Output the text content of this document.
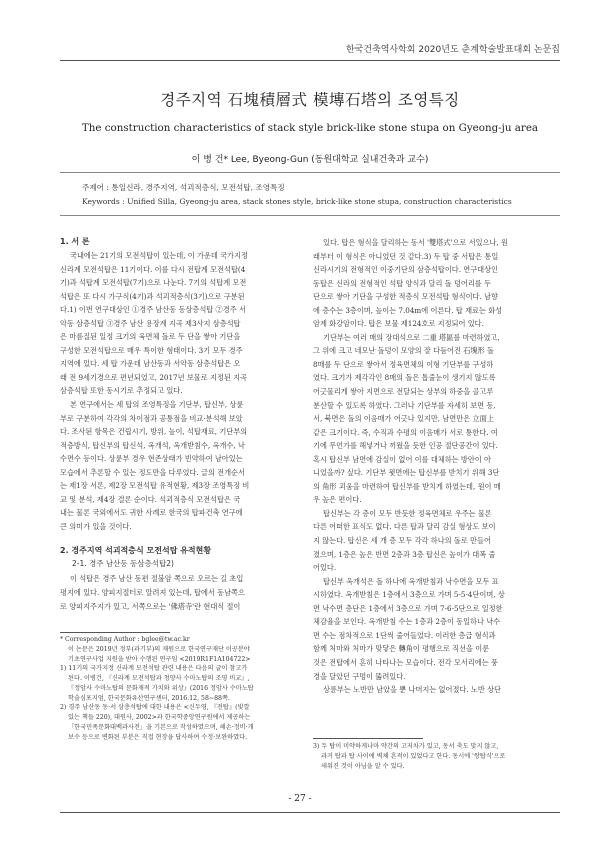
한국건축역사학회 2020년도 춘계학술발표대회 논문집
경주지역 石塊積層式 模塼石塔의 조영특징
The construction characteristics of stack style brick-like stone stupa on Gyeong-ju area
이 병 건* Lee, Byeong-Gun (동원대학교 실내건축과 교수)
주제어 : 통일신라, 경주지역, 석괴적층식, 모전석탑, 조영특징
Keywords : Unified Silla, Gyeong-ju area, stack stones style, brick-like stone stupa, construction characteristics
1. 서 론
국내에는 21기의 모전석탑이 있는데, 이 가운데 국가지정
신라계 모전석탑은 11기이다. 이를 다시 전탑계 모전석탑(4
기)과 석탑계 모전석탑(7기)으로 나눈다. 7기의 석탑계 모전
석탑은 또 다시 가구식(4기)과 석괴적층식(3기)으로 구분된
다.1) 이번 연구대상인 ①경주 남산동 동삼층석탑 ②경주 서
악동 삼층석탑 ③경주 남산 용장계 지곡 제3사지 삼층석탑
은 마름질된 일정 크기의 육면체 돌로 두 단을 쌓아 기단을
구성한 모전석탑으로 매우 특이한 형태이다. 3기 모두 경주
지역에 있다. 세 탑 가운데 남산동과 서악동 삼층석탑은 오
래 전 9세기경으로 편년되었고, 2017년 보물로 지정된 지곡
삼층석탑 또한 동시기로 추정되고 있다.
본 연구에서는 세 탑의 조영특징을 기단부, 탑신부, 상륜
부로 구분하여 각각의 차이점과 공통점을 비교·분석해 보았
다. 조사된 항목은 건립시기, 방위, 높이, 석탑재료, 기단부의
적층방식, 탑신부의 탑신석, 옥개석, 옥개받침수, 옥개수, 낙
수면수 등이다. 상륜부 경우 현존상태가 빈약하여 남아있는
모습에서 추론할 수 있는 정도만을 다루었다. 글의 전개순서
는 제1장 서론, 제2장 모전석탑 유적현황, 제3장 조영특징 비
교 및 분석, 제4장 결론 순이다. 석괴적층식 모전석탑은 국
내는 물론 국외에서도 귀한 사례로 한국의 탑파건축 연구에
큰 의미가 있을 것이다.
2. 경주지역 석괴적층식 모전석탑 유적현황
2-1. 경주 남산동 동삼층석탑2)
이 석탑은 경주 남산 동편 절불암 쪽으로 오르는 길 초입
평지에 있다. 양피지절터로 알려져 있는데, 탑에서 동남쪽으
로 양피지주지가 있고, 서쪽으로는 '佛塔寺'란 현대식 절이
* Corresponding Author : bglee@tw.ac.kr
이 논문은 2019년 정부(과기부)의 재원으로 한국연구재단 이공분야
기초연구사업 지원을 받아 수행된 연구임 <2019R1F1A104722>
1) 11기의 국가지정 신라계 모전석탑 관련 내용은 다음의 글이 참고가
된다. 이병건, 『신라계 모전석탑과 청양사 수마노탑의 조영 비교』,
『정암사 수마노탑의 문화재적 가치와 위상』(2016 정암사 수마노탑
학술심포지엄, 한국문화유산연구센터, 2016.12, 58~88쪽.
2) 경주 남산동 동·서 삼층석탑에 대한 내용은 <신두영, 『전탑』(빛깔
있는 책들 220), 대원사, 2002>과 한국학중앙연구원에서 제공하는
「한국민족문화대백과사전」을 기본으로 작성하였으며, 해손·정비·개
보수 등으로 변화된 부분은 직접 현장을 답사하여 수정·보완하였다.
있다. 탑은 형식을 달리하는 동서 '雙塔式'으로 서있으나, 원
래부터 이 형식은 아니었던 것 같다.3) 두 탑 중 서탑은 통일
신라시기의 전형적인 이중기단의 삼층석탑이다. 연구대상인
동탑은 신라의 전형적인 석탑 양식과 달리 돌 덩어리를 두
단으로 쌓아 기단을 구성한 적층식 모전석탑 형식이다. 남향
에 층수는 3층이며, 높이는 7.04m에 이른다. 탑 재료는 화성
암계 화강암이다. 탑은 보물 제124호로 지정되어 있다.
기단부는 여러 매의 장대석으로 二重 塔區를 마련하였고,
그 위에 크고 네모난 돌덩이 모양의 잘 다듬어진 石塊形 돌
8매를 두 단으로 쌓아서 정육면체의 이형 기단부를 구성하
였다. 크기가 제각각인 8매의 돌은 톱줄눈이 생기지 않도록
어긋물리게 쌓아 지면으로 전달되는 상부의 하중을 골고루
분산할 수 있도록 하였다. 그러나 기단부를 자세히 보면 동,
서, 북면은 돌의 이음매가 어긋나 있지만, 남면만은 立面上
같은 크기이다. 즉, 수직과 수평의 이음매가 서로 통한다. 여
기에 무언가를 해넣거나 끼웠을 듯한 인공 절단공간이 있다.
혹시 탑신부 남면에 감실이 없어 이를 대체하는 방안이 아
니었을까? 싶다. 기단부 윗면에는 탑신부를 받치기 위해 3단
의 角形 괴움을 마련하여 탑신부를 받치게 하였는데, 원이 매
우 높은 편이다.
탑신부는 각 층이 모두 반듯한 정육면체로 우주는 물론
다른 어떠한 표식도 없다. 다른 탑과 달리 감실 형상도 보이
지 않는다. 탑신은 세 개 층 모두 각각 하나의 돌로 만들어
졌으며, 1층은 높은 반면 2층과 3층 탑신은 높이가 대폭 줄
어있다.
탑신부 옥개석은 돌 하나에 옥개받침과 낙수면을 모두 표
시하였다. 옥개받침은 1층에서 3층으로 가며 5-5-4단이며, 상
면 낙수면 층단은 1층에서 3층으로 가며 7-6-5단으로 일정한
체감율을 보인다. 옥개받침 수는 1층과 2층이 동일하나 낙수
면 수는 점차적으로 1단씩 줄어들었다. 이러한 층급 형식과
함께 처마와 처마가 맞닿은 轉角이 평행으로 직선을 이룬
것은 전탑에서 흔히 나타나는 모습이다. 전각 모서리에는 풍
경을 달았던 구멍이 뚫려있다.
상륜부는 노반만 남았을 뿐 나머지는 없어졌다. 노반 상단
3) 두 탑이 미약하게나마 약간의 고저차가 있고, 동서 축도 맞지 않고,
과거 탑과 탑 사이에 벽체 흔적이 있었다고 한다. 동시에 '쌍탑식'으로
세워진 것이 아님을 알 수 있다.
- 27 -
